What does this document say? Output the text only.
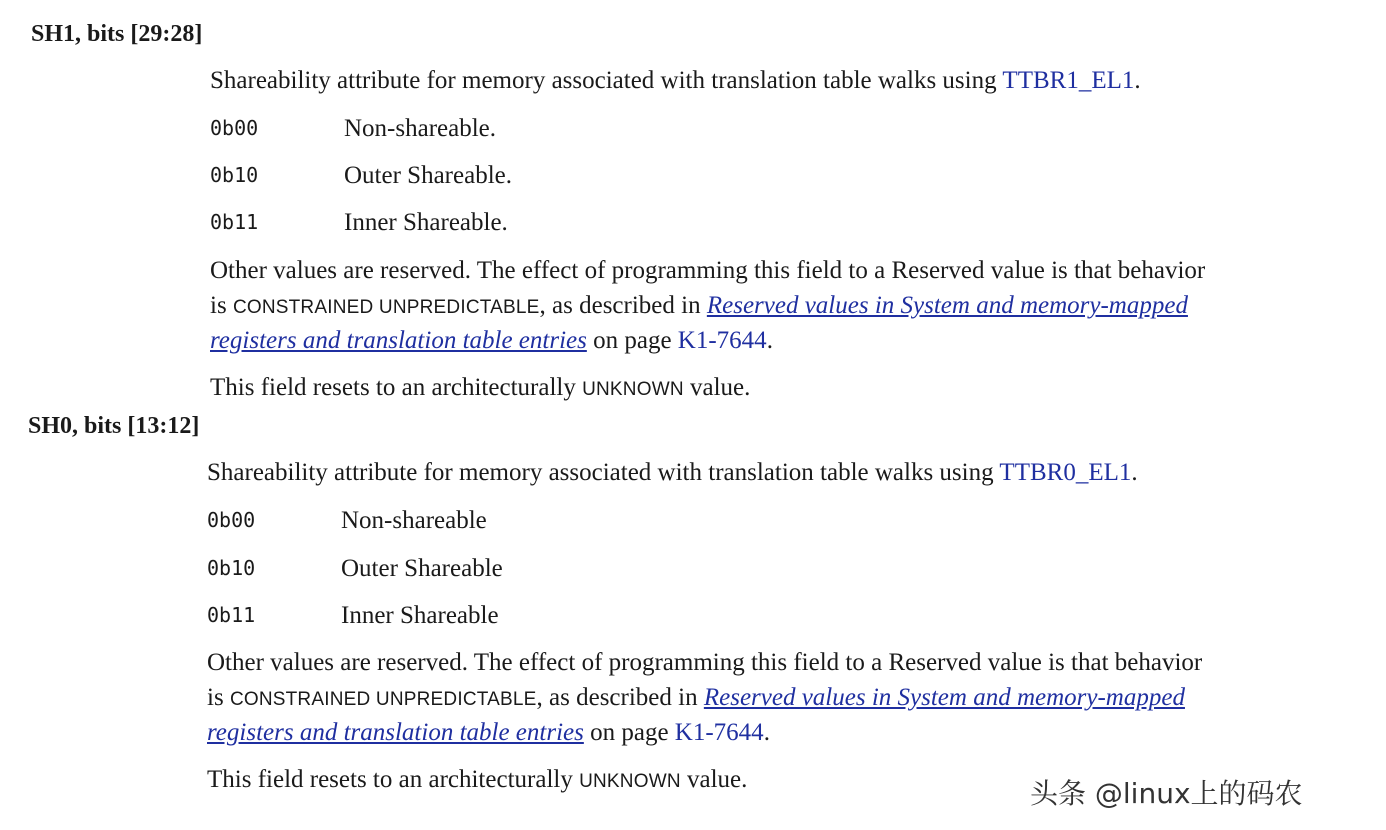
SH1, bits [29:28]
Shareability attribute for memory associated with translation table walks using TTBR1_EL1.
0b00	Non-shareable.
0b10	Outer Shareable.
0b11	Inner Shareable.
Other values are reserved. The effect of programming this field to a Reserved value is that behavior
is CONSTRAINED UNPREDICTABLE, as described in Reserved values in System and memory-mapped
registers and translation table entries on page K1-7644.
This field resets to an architecturally UNKNOWN value.
SH0, bits [13:12]
Shareability attribute for memory associated with translation table walks using TTBR0_EL1.
0b00	Non-shareable
0b10	Outer Shareable
0b11	Inner Shareable
Other values are reserved. The effect of programming this field to a Reserved value is that behavior
is CONSTRAINED UNPREDICTABLE, as described in Reserved values in System and memory-mapped
registers and translation table entries on page K1-7644.
This field resets to an architecturally UNKNOWN value.	头条 @linux上的码农
